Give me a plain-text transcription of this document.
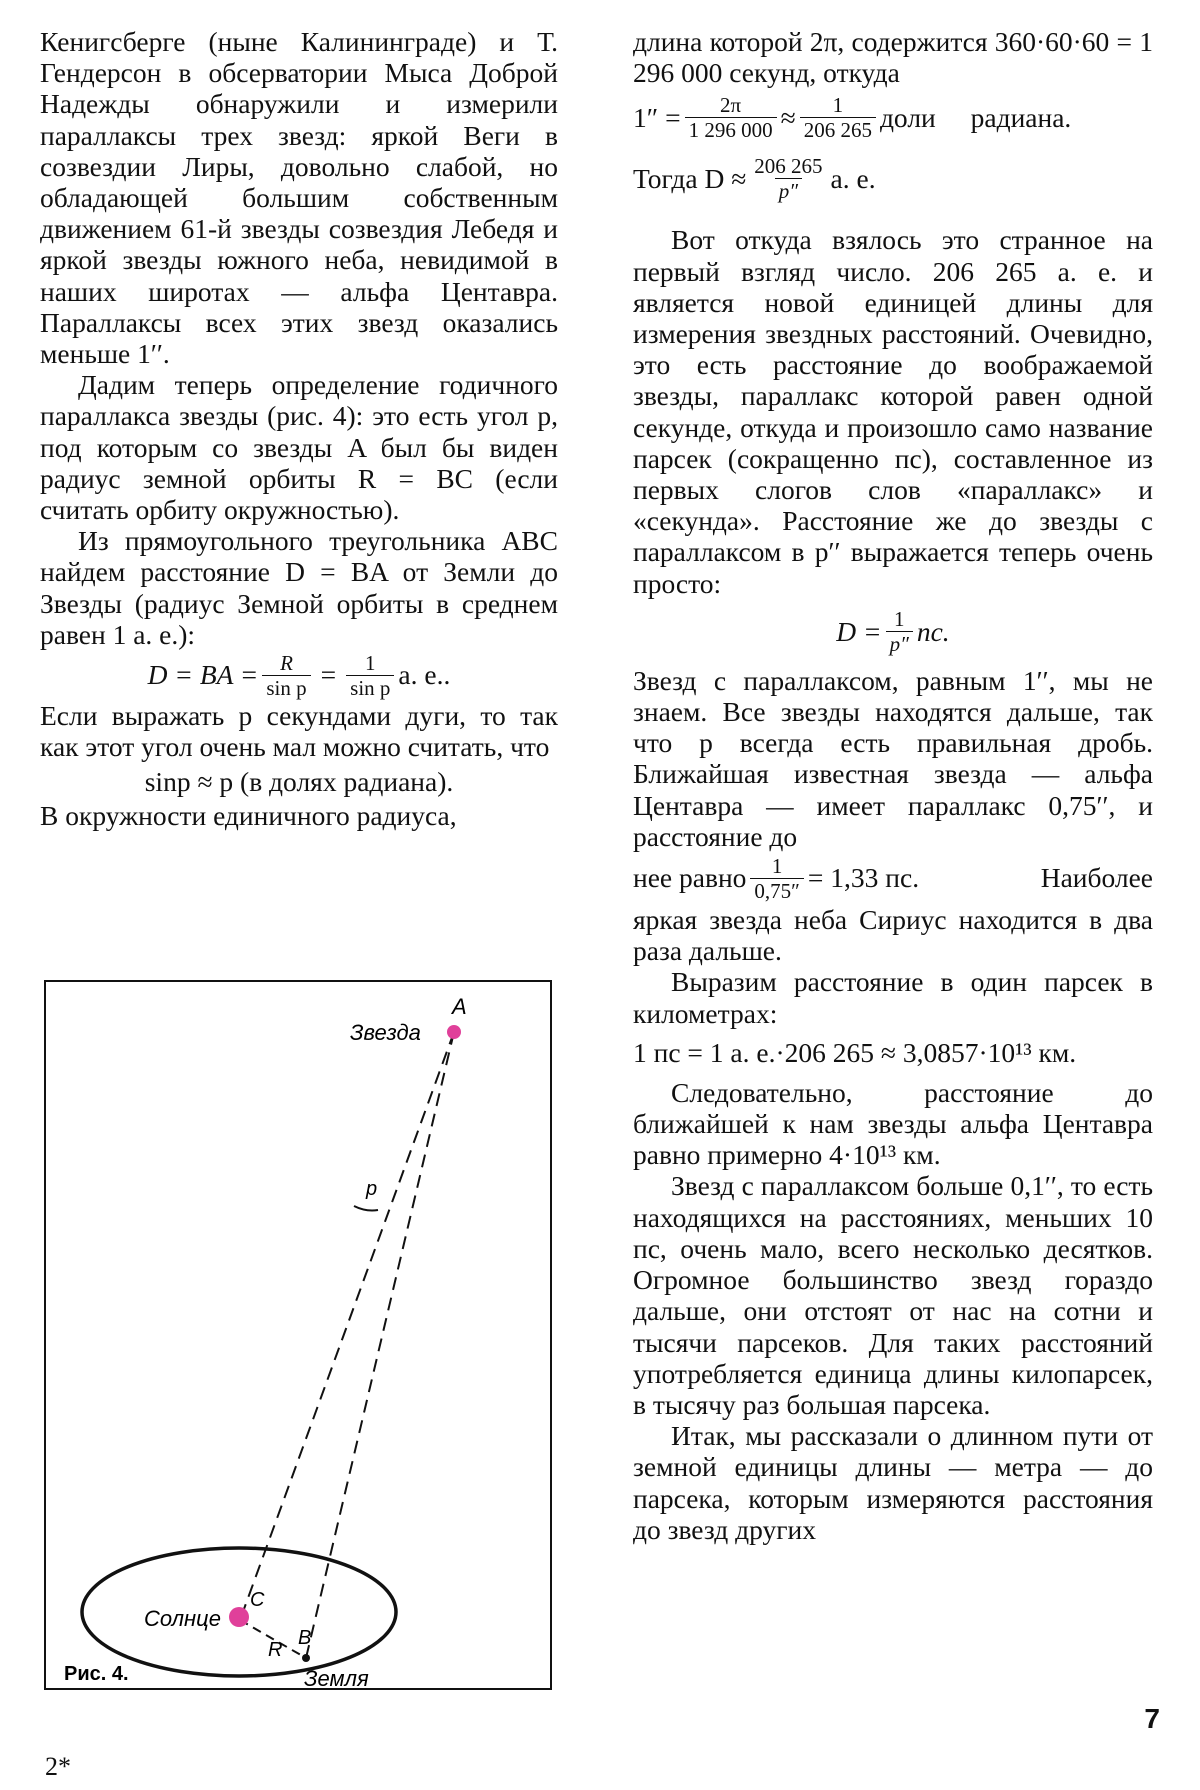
Кенигсберге (ныне Калининграде) и Т. Гендерсон в обсерватории Мыса Доброй Надежды обнаружили и измерили параллаксы трех звезд: яркой Веги в созвездии Лиры, довольно слабой, но обладающей большим собственным движением 61-й звезды созвездия Лебедя и яркой звезды южного неба, невидимой в наших широтах — альфа Центавра. Параллаксы всех этих звезд оказались меньше 1′′.

Дадим теперь определение годичного параллакса звезды (рис. 4): это есть угол p, под которым со звезды A был бы виден радиус земной орбиты R = BC (если считать орбиту окружностью).

Из прямоугольного треугольника ABC найдем расстояние D = BA от Земли до Звезды (радиус Земной орбиты в среднем равен 1 а. е.):

D = BA = $\frac{R}{\text{sin p}} = \frac{1}{\text{sin p}} а$. е..

Если выражать p секундами дуги, то так как этот угол очень мал можно считать, что

sinp ≈ p (в долях радиана).

В окружности единичного радиуса,

A
Звезда
p
Солнце
C
R
B
Земля
Рис. 4.

длина которой 2π, содержится 360·60·60 = 1 296 000 секунд, откуда

$1'' = \frac{2\pi}{1 296 000} \approx \frac{1}{206 265}$ доли радиана.
Тогда $D \approx \frac{206 265}{p''} а$. е.

Вот откуда взялось это странное на первый взгляд число. 206 265 а. е. и является новой единицей длины для измерения звездных расстояний. Очевидно, это есть расстояние до воображаемой звезды, параллакс которой равен одной секунде, откуда и произошло само название парсек (сокращенно пс), составленное из первых слогов слов «параллакс» и «секунда». Расстояние же до звезды с параллаксом в p′′ выражается теперь очень просто:

$D = \frac{1}{p''}$ пс.

Звезд с параллаксом, равным 1′′, мы не знаем. Все звезды находятся дальше, так что p всегда есть правильная дробь. Ближайшая известная звезда — альфа Центавра — имеет параллакс 0,75′′, и расстояние до

нее равно $\frac{1}{0,75''} = 1,33$ пс.	Наиболее

яркая звезда неба Сириус находится в два раза дальше.

Выразим расстояние в один парсек в километрах:

1 пс = 1 а. е.·206 265 ≈ 3,0857·10¹³ км.

Следовательно, расстояние до ближайшей к нам звезды альфа Центавра равно примерно 4·10¹³ км.

Звезд с параллаксом больше 0,1′′, то есть находящихся на расстояниях, меньших 10 пс, очень мало, всего несколько десятков. Огромное большинство звезд гораздо дальше, они отстоят от нас на сотни и тысячи парсеков. Для таких расстояний употребляется единица длины килопарсек, в тысячу раз большая парсека.

Итак, мы рассказали о длинном пути от земной единицы длины — метра — до парсека, которым измеряются расстояния до звезд других

7
2*
